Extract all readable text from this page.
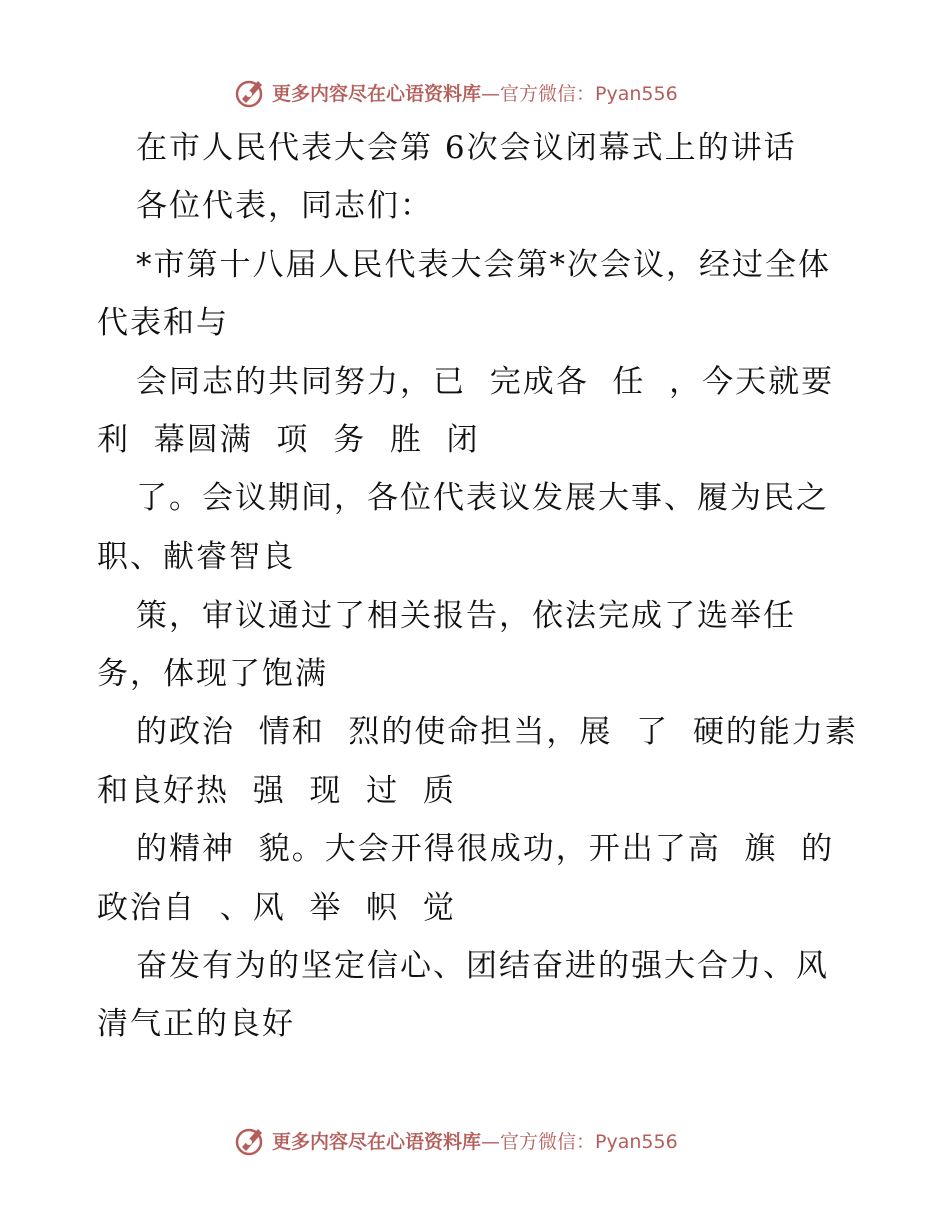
更多内容尽在心语资料库—官方微信：Pyan556
在市人民代表大会第 6次会议闭幕式上的讲话
各位代表，同志们：
*市第十八届人民代表大会第*次会议，经过全体
代表和与
会同志的共同努力，已  完成各  任  ，今天就要
利  幕圆满  项  务  胜  闭
了。会议期间，各位代表议发展大事、履为民之
职、献睿智良
策，审议通过了相关报告，依法完成了选举任
务，体现了饱满
的政治  情和  烈的使命担当，展  了  硬的能力素
和良好热  强  现  过  质
的精神  貌。大会开得很成功，开出了高  旗  的
政治自  、风  举  帜  觉
奋发有为的坚定信心、团结奋进的强大合力、风
清气正的良好
更多内容尽在心语资料库—官方微信：Pyan556
